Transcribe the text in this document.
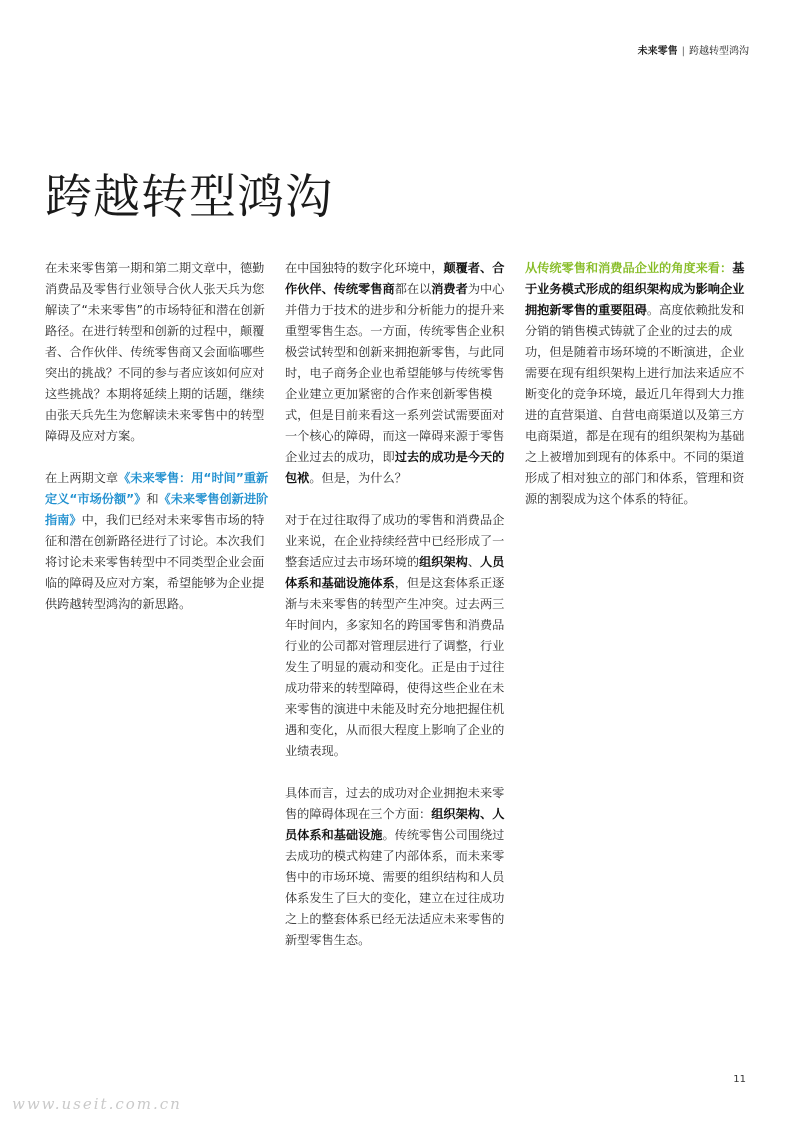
未来零售 | 跨越转型鸿沟
跨越转型鸿沟

在未来零售第一期和第二期文章中，德勤消费品及零售行业领导合伙人张天兵为您解读了“未来零售”的市场特征和潜在创新路径。在进行转型和创新的过程中，颠覆者、合作伙伴、传统零售商又会面临哪些突出的挑战？不同的参与者应该如何应对这些挑战？本期将延续上期的话题，继续由张天兵先生为您解读未来零售中的转型障碍及应对方案。

在上两期文章《未来零售：用“时间”重新定义“市场份额”》和《未来零售创新进阶指南》中，我们已经对未来零售市场的特征和潜在创新路径进行了讨论。本次我们将讨论未来零售转型中不同类型企业会面临的障碍及应对方案，希望能够为企业提供跨越转型鸿沟的新思路。

在中国独特的数字化环境中，颠覆者、合作伙伴、传统零售商都在以消费者为中心并借力于技术的进步和分析能力的提升来重塑零售生态。一方面，传统零售企业积极尝试转型和创新来拥抱新零售，与此同时，电子商务企业也希望能够与传统零售企业建立更加紧密的合作来创新零售模式，但是目前来看这一系列尝试需要面对一个核心的障碍，而这一障碍来源于零售企业过去的成功，即过去的成功是今天的包袱。但是，为什么？

对于在过往取得了成功的零售和消费品企业来说，在企业持续经营中已经形成了一整套适应过去市场环境的组织架构、人员体系和基础设施体系，但是这套体系正逐渐与未来零售的转型产生冲突。过去两三年时间内，多家知名的跨国零售和消费品行业的公司都对管理层进行了调整，行业发生了明显的震动和变化。正是由于过往成功带来的转型障碍，使得这些企业在未来零售的演进中未能及时充分地把握住机遇和变化，从而很大程度上影响了企业的业绩表现。

具体而言，过去的成功对企业拥抱未来零售的障碍体现在三个方面：组织架构、人员体系和基础设施。传统零售公司围绕过去成功的模式构建了内部体系，而未来零售中的市场环境、需要的组织结构和人员体系发生了巨大的变化，建立在过往成功之上的整套体系已经无法适应未来零售的新型零售生态。

从传统零售和消费品企业的角度来看：基于业务模式形成的组织架构成为影响企业拥抱新零售的重要阻碍。高度依赖批发和分销的销售模式铸就了企业的过去的成功，但是随着市场环境的不断演进，企业需要在现有组织架构上进行加法来适应不断变化的竞争环境，最近几年得到大力推进的直营渠道、自营电商渠道以及第三方电商渠道，都是在现有的组织架构为基础之上被增加到现有的体系中。不同的渠道形成了相对独立的部门和体系，管理和资源的割裂成为这个体系的特征。

11
www.useit.com.cn
